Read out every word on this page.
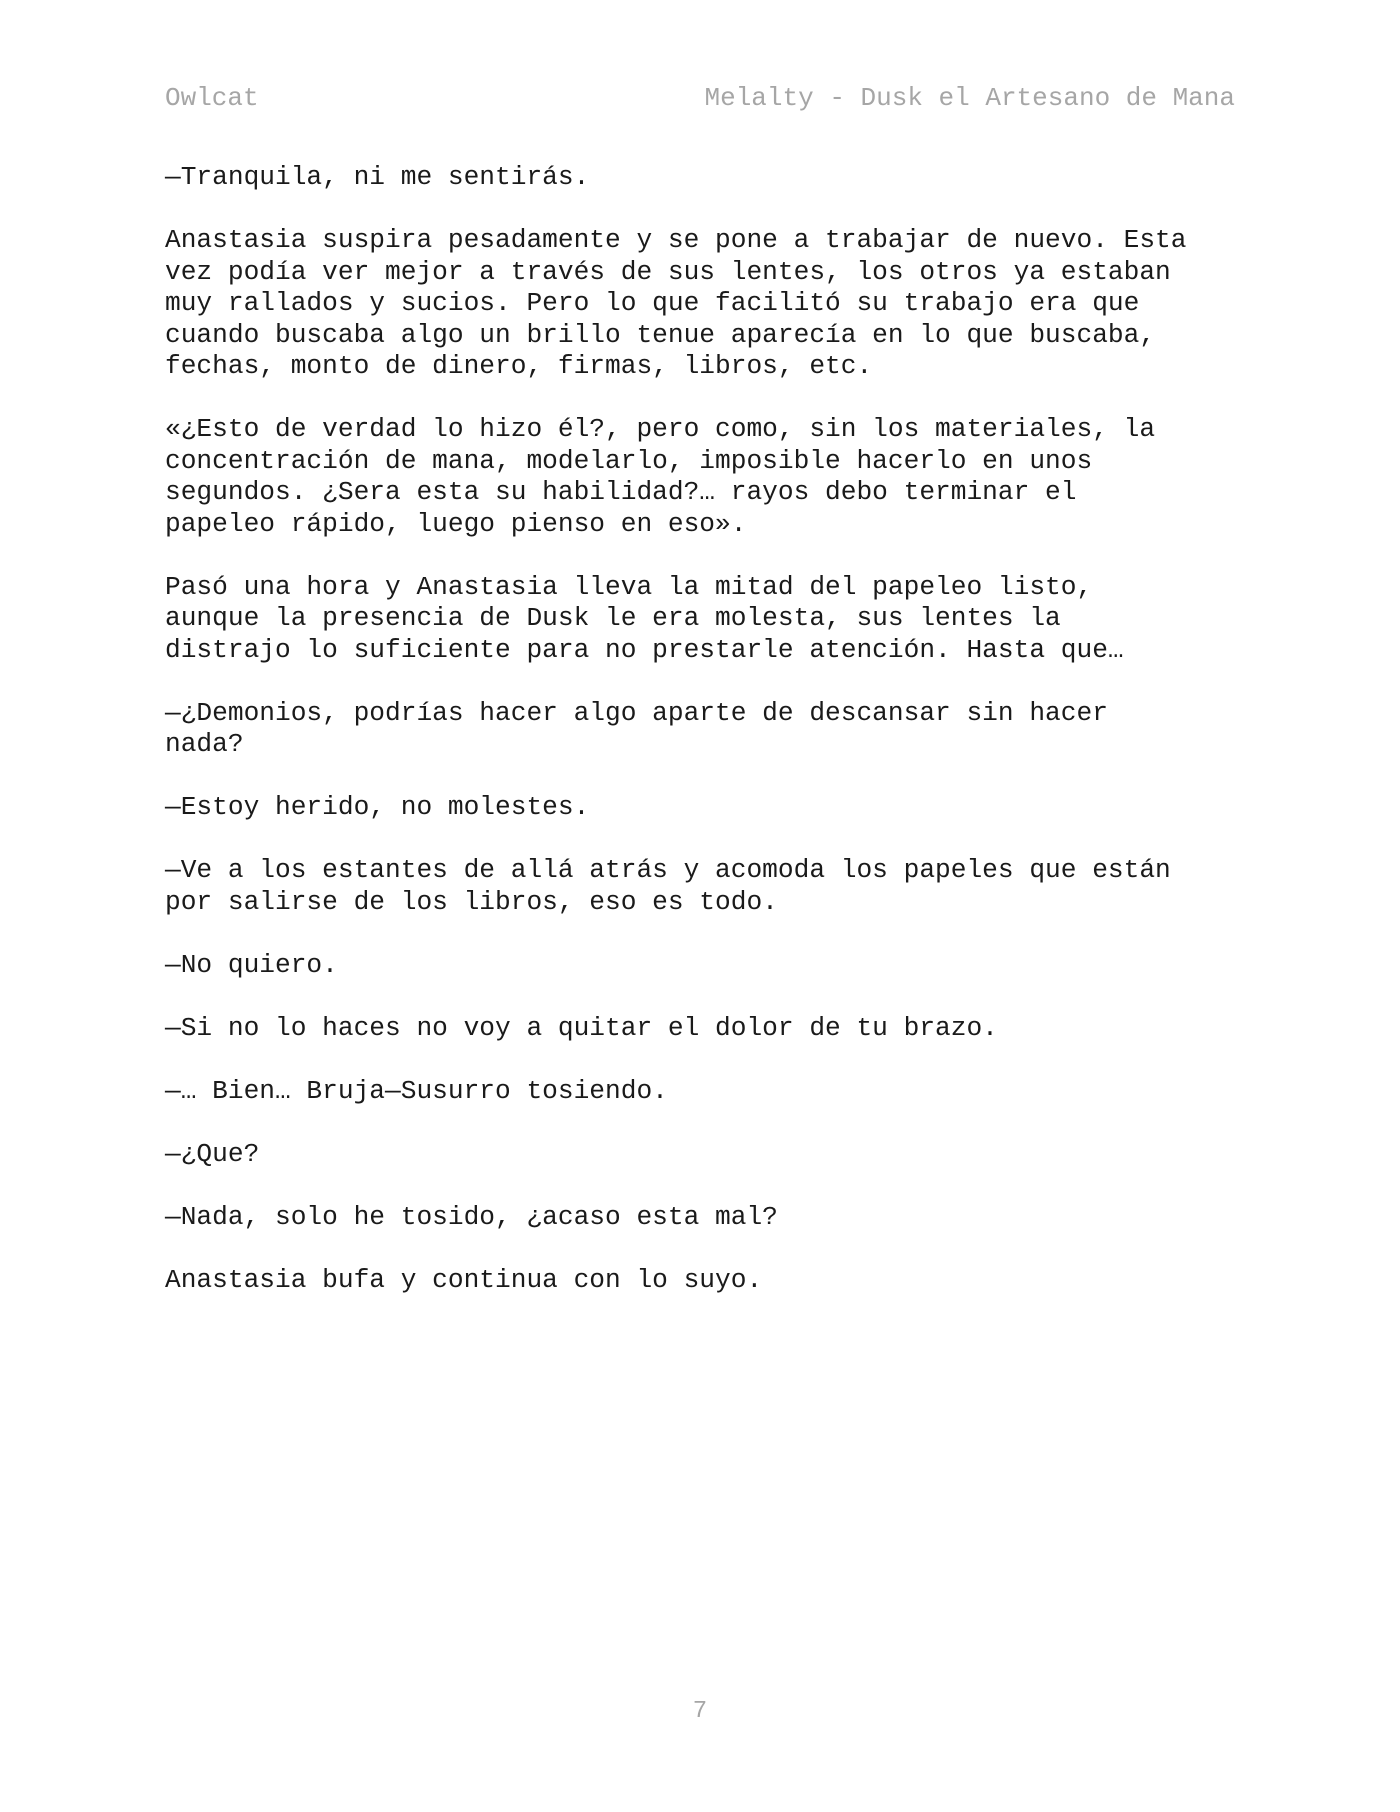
Owlcat	Melalty - Dusk el Artesano de Mana
—Tranquila, ni me sentirás.
Anastasia suspira pesadamente y se pone a trabajar de nuevo. Esta
vez podía ver mejor a través de sus lentes, los otros ya estaban
muy rallados y sucios. Pero lo que facilitó su trabajo era que
cuando buscaba algo un brillo tenue aparecía en lo que buscaba,
fechas, monto de dinero, firmas, libros, etc.
«¿Esto de verdad lo hizo él?, pero como, sin los materiales, la
concentración de mana, modelarlo, imposible hacerlo en unos
segundos. ¿Sera esta su habilidad?… rayos debo terminar el
papeleo rápido, luego pienso en eso».
Pasó una hora y Anastasia lleva la mitad del papeleo listo,
aunque la presencia de Dusk le era molesta, sus lentes la
distrajo lo suficiente para no prestarle atención. Hasta que…
—¿Demonios, podrías hacer algo aparte de descansar sin hacer
nada?
—Estoy herido, no molestes.
—Ve a los estantes de allá atrás y acomoda los papeles que están
por salirse de los libros, eso es todo.
—No quiero.
—Si no lo haces no voy a quitar el dolor de tu brazo.
—… Bien… Bruja—Susurro tosiendo.
—¿Que?
—Nada, solo he tosido, ¿acaso esta mal?
Anastasia bufa y continua con lo suyo.
7
